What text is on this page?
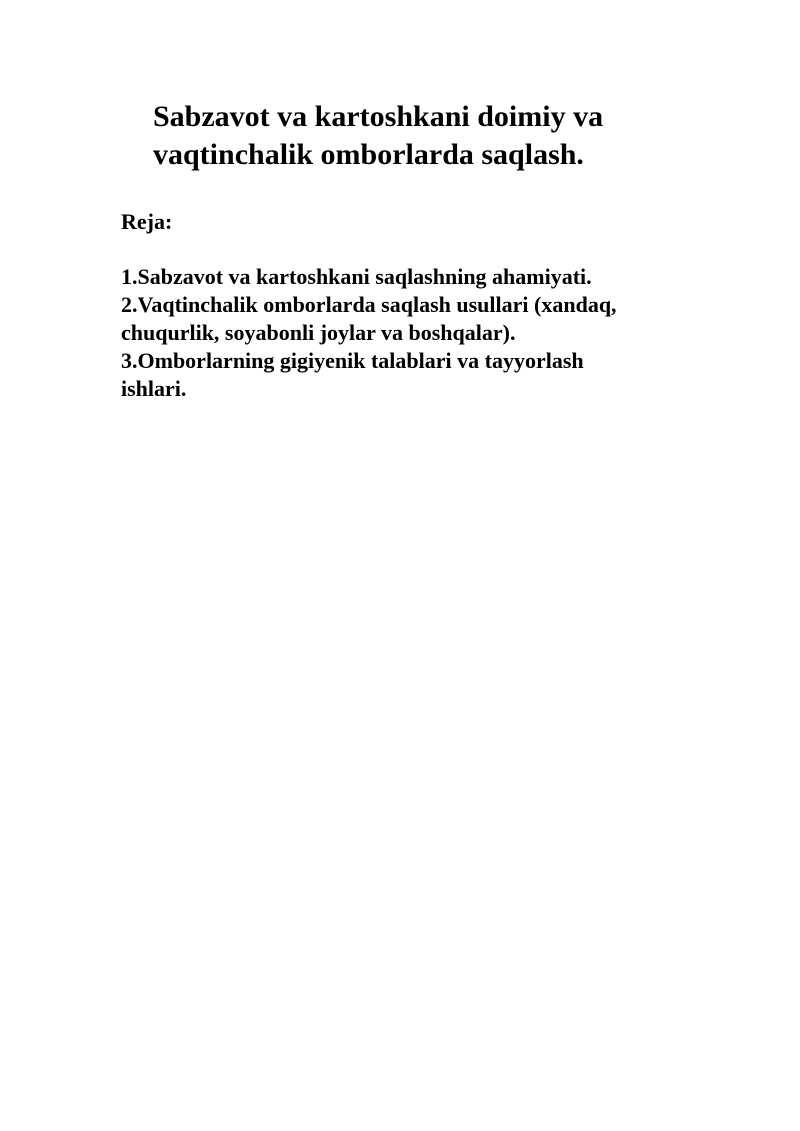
Sabzavot va kartoshkani doimiy va
vaqtinchalik omborlarda saqlash.

Reja:

1.Sabzavot va kartoshkani saqlashning ahamiyati.
2.Vaqtinchalik omborlarda saqlash usullari (xandaq,
chuqurlik, soyabonli joylar va boshqalar).
3.Omborlarning gigiyenik talablari va tayyorlash
ishlari.
